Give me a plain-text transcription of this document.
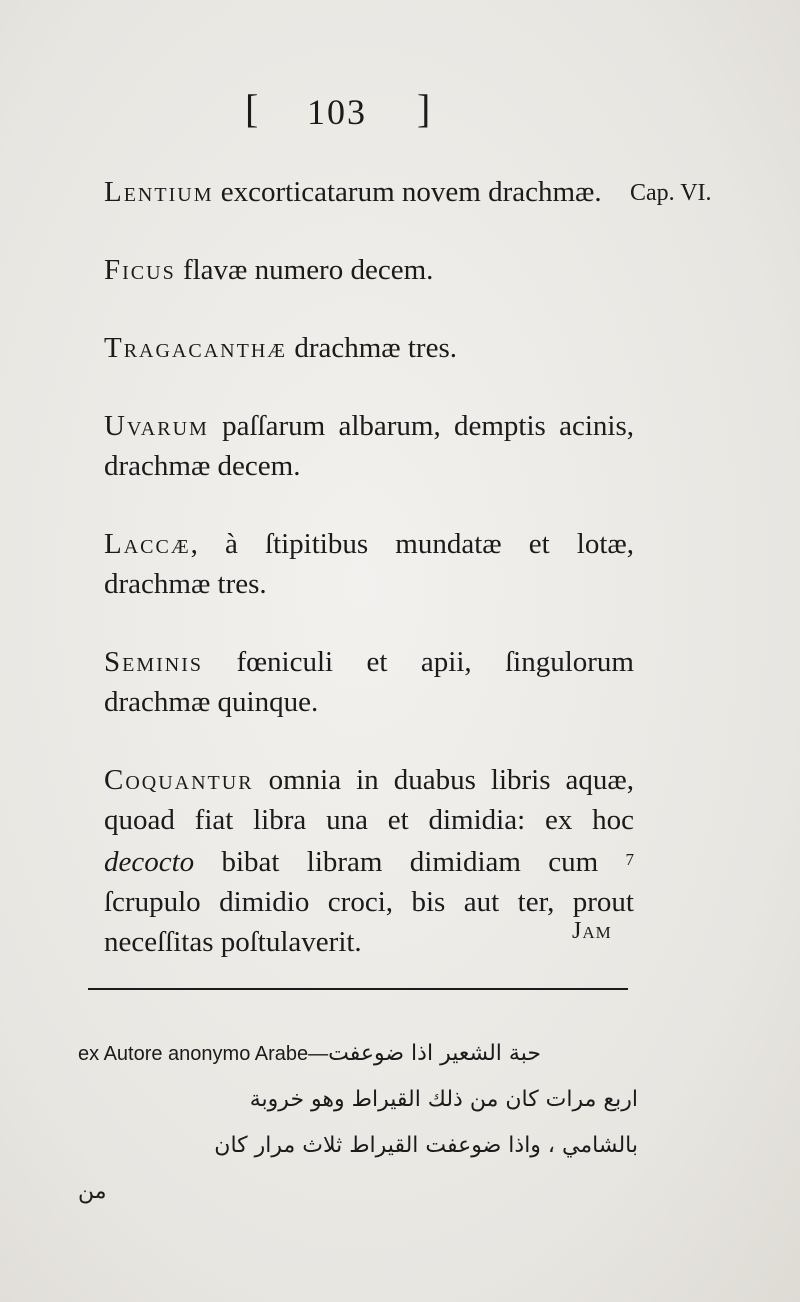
[ 103 ]
Cap. VI.

Lentium excorticatarum novem drachmæ.

Ficus flavæ numero decem.

Tragacanthæ drachmæ tres.

Uvarum paſſarum albarum, demptis acinis, drachmæ decem.

Laccæ, à ſtipitibus mundatæ et lotæ, drachmæ tres.

Seminis fœniculi et apii, ſingulorum drachmæ quinque.

Coquantur omnia in duabus libris aquæ, quoad fiat libra una et dimidia: ex hoc decocto bibat libram dimidiam cum $^7$ ſcrupulo dimidio croci, bis aut ter, prout neceſſitas poſtulaverit.	Jam
ex Autore anonymo Arabe—حبة الشعير اذا ضوعفت
اربع مرات كان من ذلك القيراط وهو خروبة
بالشامي ، واذا ضوعفت القيراط ثلاث مرار كان
من
